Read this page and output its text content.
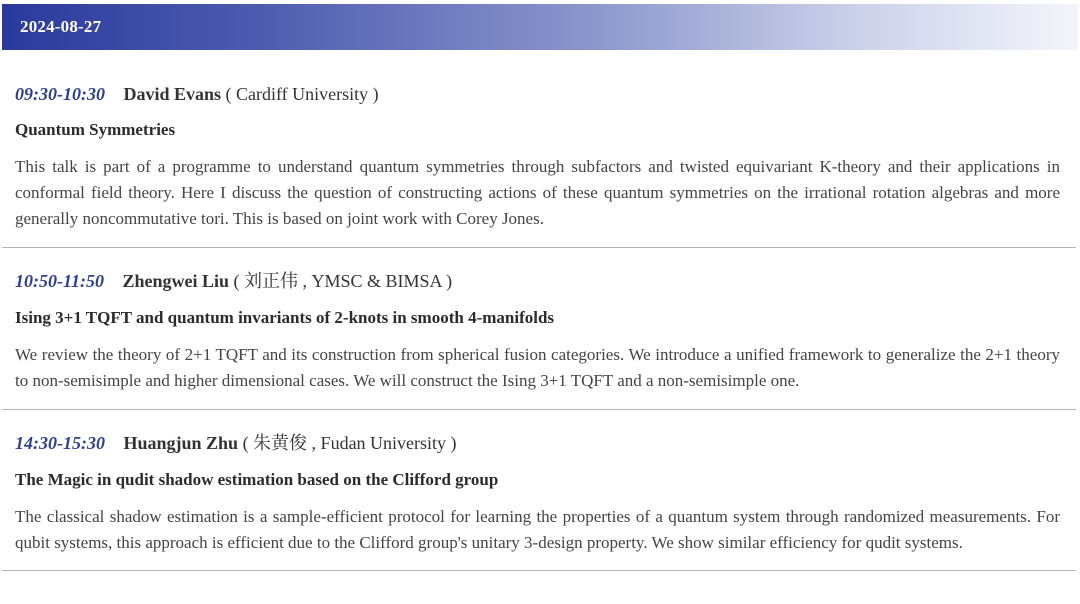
2024-08-27
09:30-10:30 David Evans ( Cardiff University )
Quantum Symmetries

This talk is part of a programme to understand quantum symmetries through subfactors and twisted equivariant K-theory and their applications in conformal field theory. Here I discuss the question of constructing actions of these quantum symmetries on the irrational rotation algebras and more generally noncommutative tori. This is based on joint work with Corey Jones.

10:50-11:50 Zhengwei Liu ( 刘正伟 , YMSC & BIMSA )
Ising 3+1 TQFT and quantum invariants of 2-knots in smooth 4-manifolds

We review the theory of 2+1 TQFT and its construction from spherical fusion categories. We introduce a unified framework to generalize the 2+1 theory to non-semisimple and higher dimensional cases. We will construct the Ising 3+1 TQFT and a non-semisimple one.

14:30-15:30 Huangjun Zhu ( 朱黄俊 , Fudan University )
The Magic in qudit shadow estimation based on the Clifford group

The classical shadow estimation is a sample-efficient protocol for learning the properties of a quantum system through randomized measurements. For qubit systems, this approach is efficient due to the Clifford group's unitary 3-design property. We show similar efficiency for qudit systems.
